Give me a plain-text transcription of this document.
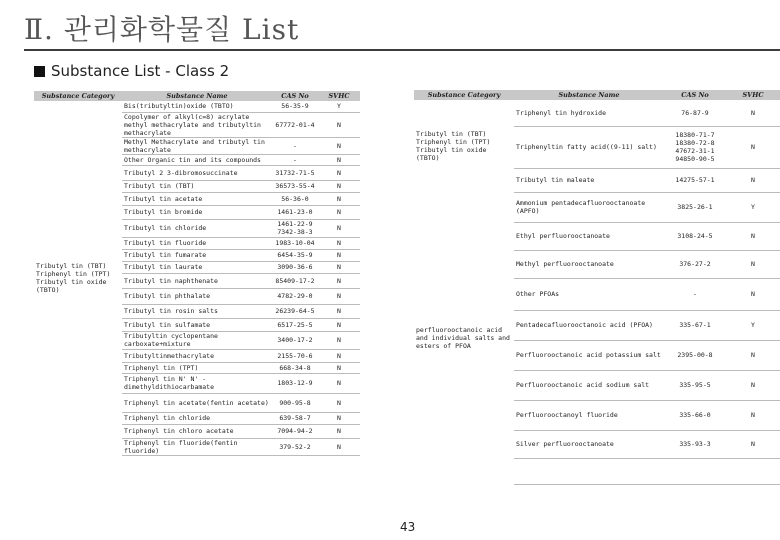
Ⅱ. 관리화학물질 List
Substance List - Class 2
Substance Category	Substance Name	CAS No	SVHC
Tributyl tin (TBT) Triphenyl tin (TPT) Tributyl tin oxide (TBTO)	Bis(tributyltin)oxide (TBTO)	56-35-9	Y
	Copolymer of alkyl(c=8) acrylate methyl methacrylate and tributyltin methacrylate	67772-01-4	N
	Methyl Methacrylate and tributyl tin methacrylate	-	N
	Other Organic tin and its compounds	-	N
	Tributyl 2 3-dibromosuccinate	31732-71-5	N
	Tributyl tin (TBT)	36573-55-4	N
	Tributyl tin acetate	56-36-0	N
	Tributyl tin bromide	1461-23-0	N
	Tributyl tin chloride	1461-22-9 7342-38-3	N
	Tributyl tin fluoride	1983-10-04	N
	Tributyl tin fumarate	6454-35-9	N
	Tributyl tin laurate	3090-36-6	N
	Tributyl tin naphthenate	85409-17-2	N
	Tributyl tin phthalate	4782-29-0	N
	Tributyl tin rosin salts	26239-64-5	N
	Tributyl tin sulfamate	6517-25-5	N
	Tributyltin cyclopentane carboxate+mixture	3400-17-2	N
	Tributyltinmethacrylate	2155-70-6	N
	Triphenyl tin (TPT)	668-34-8	N
	Triphenyl tin N' N' - dimethyldithiocarbamate	1803-12-9	N
	Triphenyl tin acetate(fentin acetate)	900-95-8	N
	Triphenyl tin chloride	639-58-7	N
	Triphenyl tin chloro acetate	7094-94-2	N
	Triphenyl tin fluoride(fentin fluoride)	379-52-2	N
Substance Category	Substance Name	CAS No	SVHC
Tributyl tin (TBT) Triphenyl tin (TPT) Tributyl tin oxide (TBTO)	Triphenyl tin hydroxide	76-87-9	N
	Triphenyltin fatty acid((9-11) salt)	18380-71-7 18380-72-8 47672-31-1 94850-90-5	N
	Tributyl tin maleate	14275-57-1	N
perfluorooctanoic acid and individual salts and esters of PFOA	Ammonium pentadecafluorooctanoate (APFO)	3825-26-1	Y
	Ethyl perfluorooctanoate	3108-24-5	N
	Methyl perfluorooctanoate	376-27-2	N
	Other PFOAs	-	N
	Pentadecafluorooctanoic acid (PFOA)	335-67-1	Y
	Perfluorooctanoic acid potassium salt	2395-00-8	N
	Perfluorooctanoic acid sodium salt	335-95-5	N
	Perfluorooctanoyl fluoride	335-66-0	N
	Silver perfluorooctanoate	335-93-3	N

43
